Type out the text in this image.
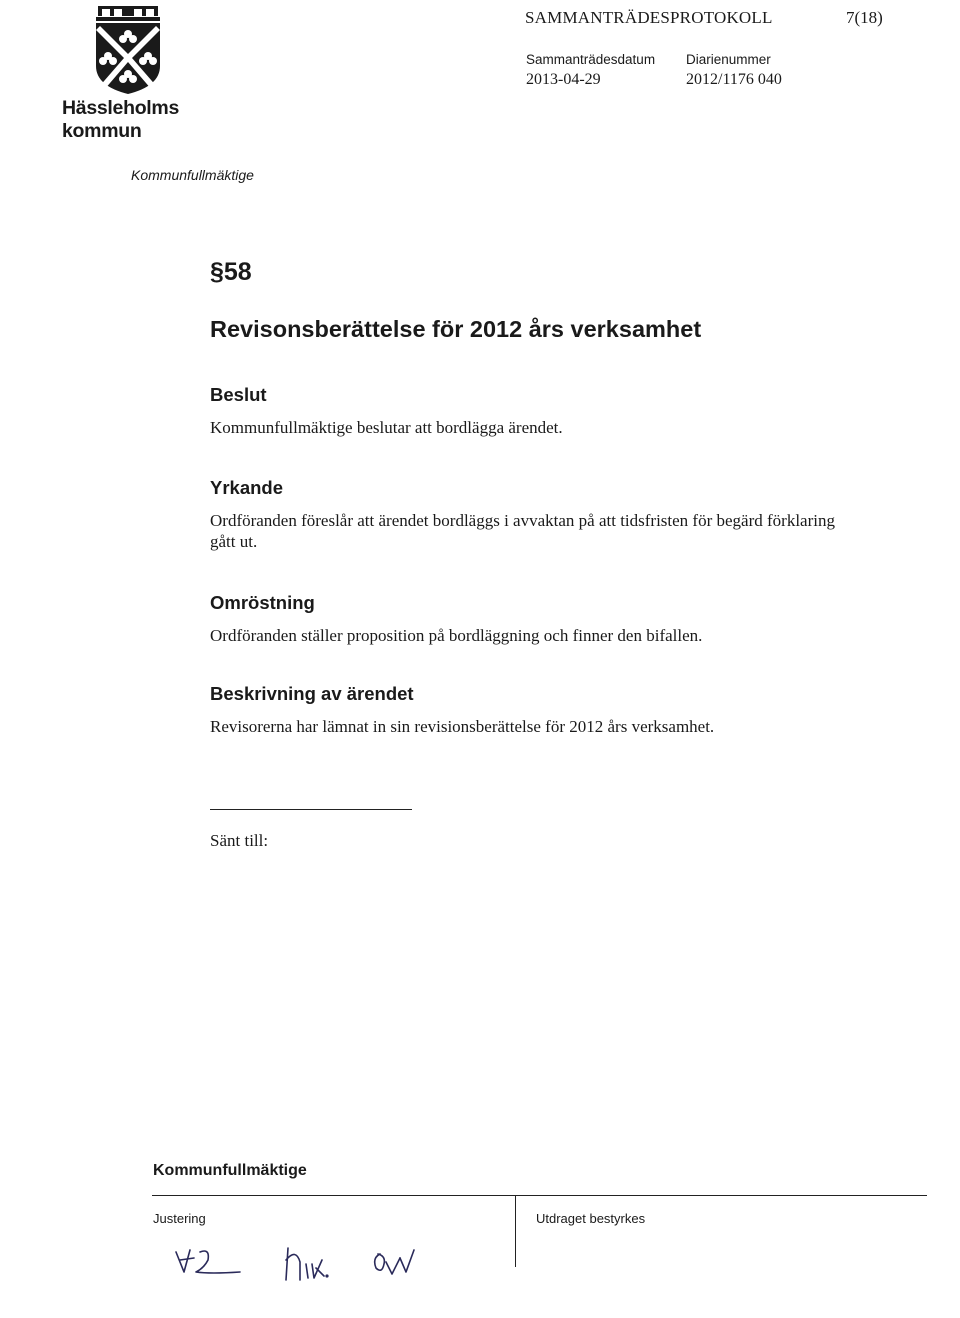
Hässleholms
kommun
SAMMANTRÄDESPROTOKOLL	7(18)
Sammanträdesdatum
2013-04-29
Diarienummer
2012/1176 040
Kommunfullmäktige
§58
Revisonsberättelse för 2012 års verksamhet
Beslut
Kommunfullmäktige beslutar att bordlägga ärendet.
Yrkande
Ordföranden föreslår att ärendet bordläggs i avvaktan på att tidsfristen för begärd förklaring gått ut.
Omröstning
Ordföranden ställer proposition på bordläggning och finner den bifallen.
Beskrivning av ärendet
Revisorerna har lämnat in sin revisionsberättelse för 2012 års verksamhet.
Sänt till:
Kommunfullmäktige
Justering	Utdraget bestyrkes
